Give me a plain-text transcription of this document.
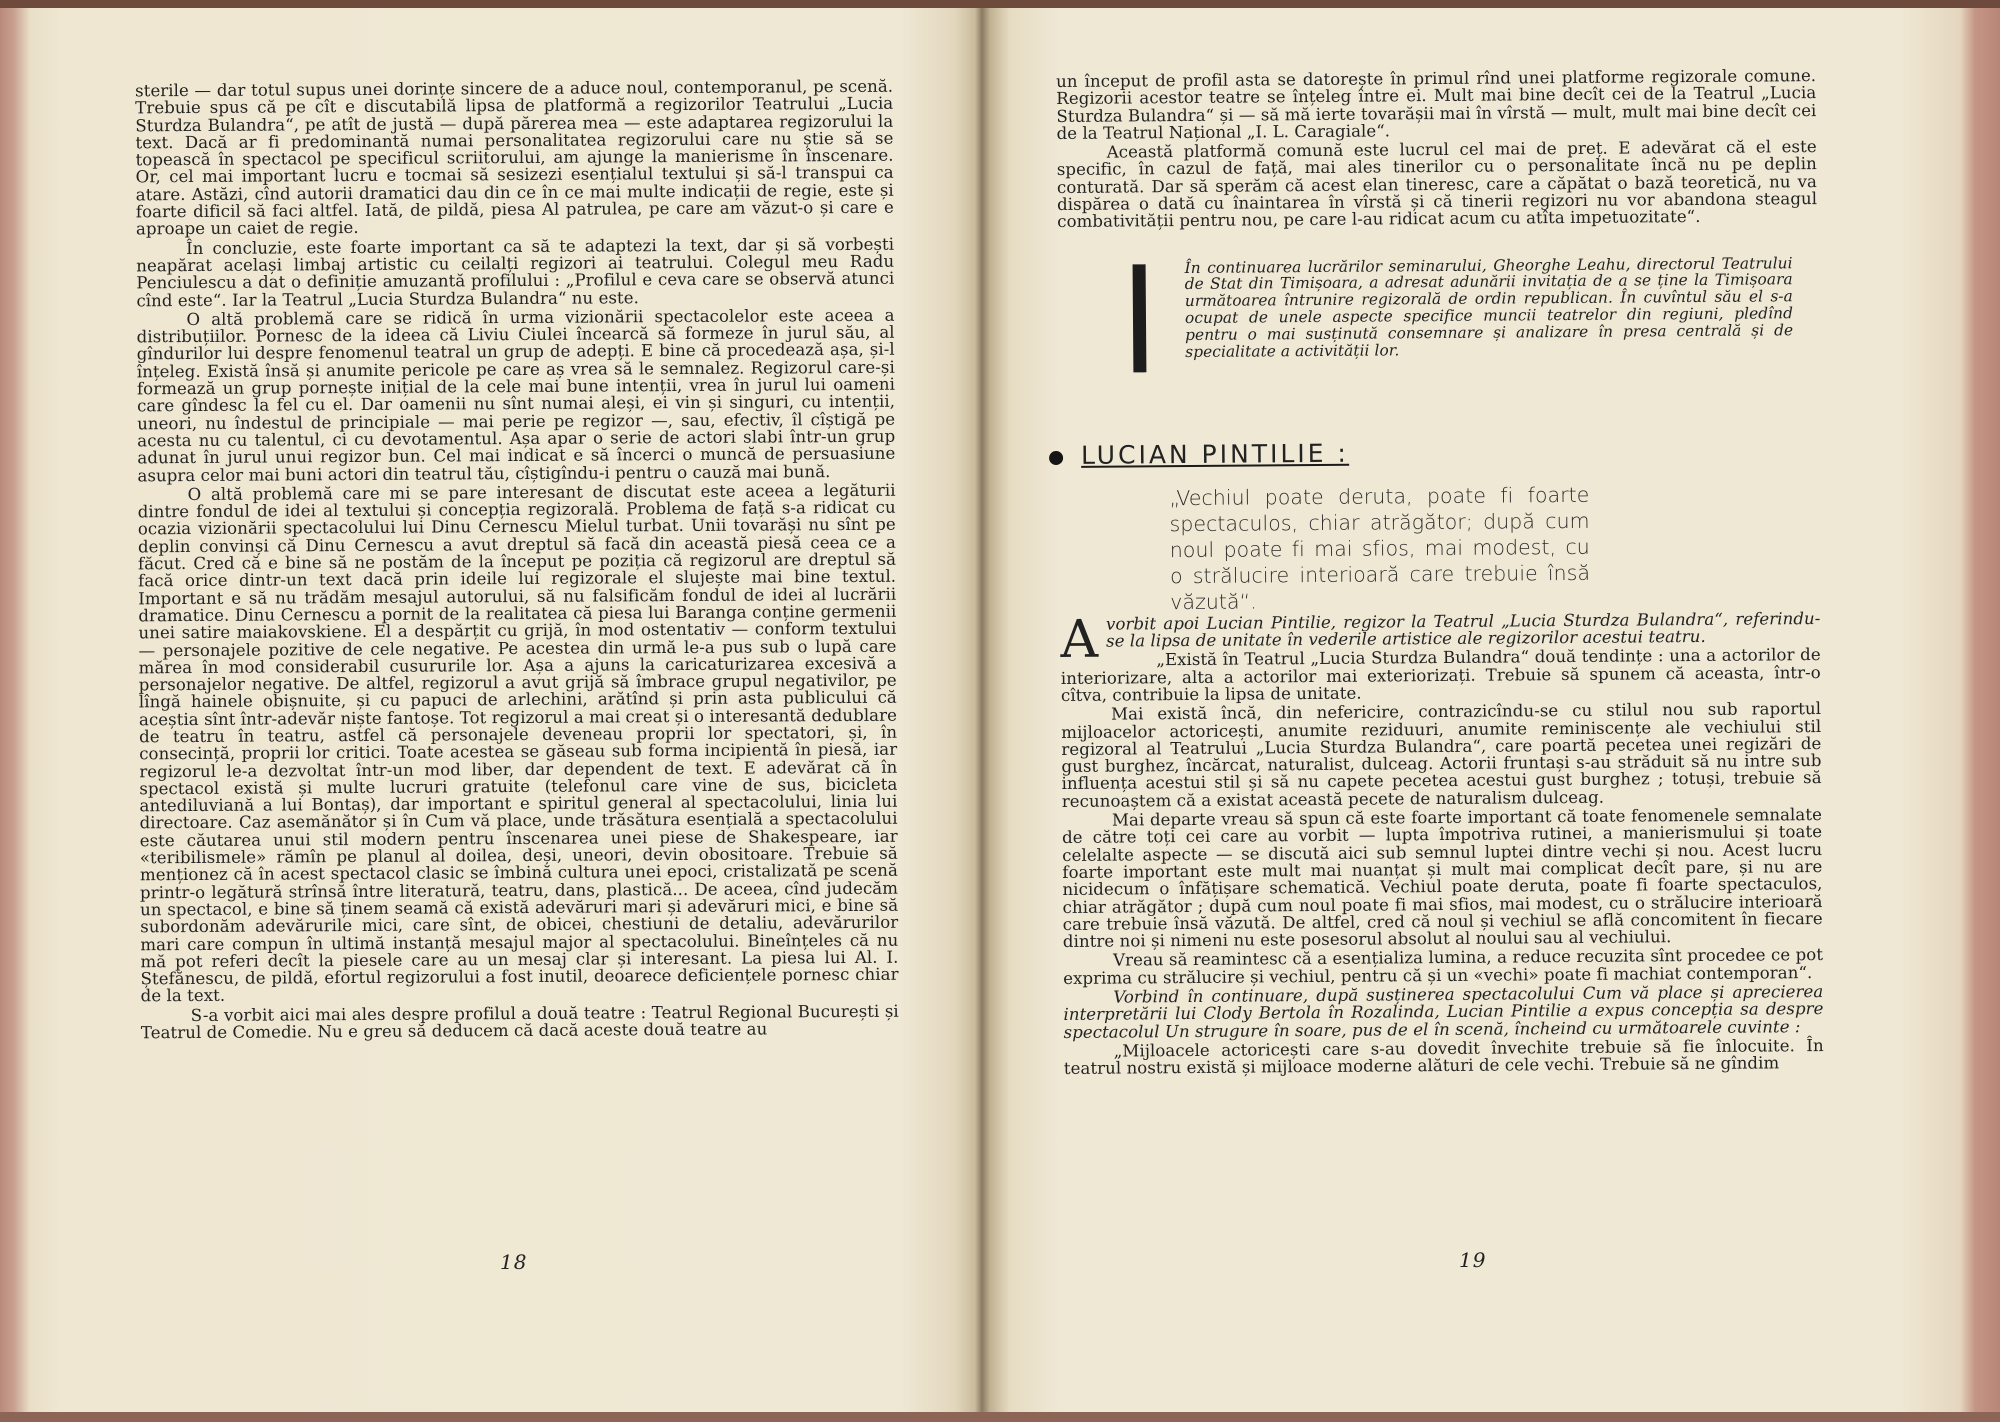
sterile — dar totul supus unei dorințe sincere de a aduce noul, contemporanul, pe scenă. Trebuie spus că pe cît e discutabilă lipsa de platformă a regizorilor Teatrului „Lucia Sturdza Bulandra“, pe atît de justă — după părerea mea — este adaptarea regizorului la text. Dacă ar fi predominantă numai personalitatea regizorului care nu știe să se topească în spectacol pe specificul scriitorului, am ajunge la manierisme în înscenare. Or, cel mai important lucru e tocmai să sesizezi esențialul textului și să-l transpui ca atare. Astăzi, cînd autorii dramatici dau din ce în ce mai multe indicații de regie, este și foarte dificil să faci altfel. Iată, de pildă, piesa Al patrulea, pe care am văzut-o și care e aproape un caiet de regie.

În concluzie, este foarte important ca să te adaptezi la text, dar și să vorbești neapărat același limbaj artistic cu ceilalți regizori ai teatrului. Colegul meu Radu Penciulescu a dat o definiție amuzantă profilului : „Profilul e ceva care se observă atunci cînd este“. Iar la Teatrul „Lucia Sturdza Bulandra“ nu este.

O altă problemă care se ridică în urma vizionării spectacolelor este aceea a distribuțiilor. Pornesc de la ideea că Liviu Ciulei încearcă să formeze în jurul său, al gîndurilor lui despre fenomenul teatral un grup de adepți. E bine că procedează așa, și-l înțeleg. Există însă și anumite pericole pe care aș vrea să le semnalez. Regizorul care-și formează un grup pornește inițial de la cele mai bune intenții, vrea în jurul lui oameni care gîndesc la fel cu el. Dar oamenii nu sînt numai aleși, ei vin și singuri, cu intenții, uneori, nu îndestul de principiale — mai perie pe regizor —, sau, efectiv, îl cîștigă pe acesta nu cu talentul, ci cu devotamentul. Așa apar o serie de actori slabi într-un grup adunat în jurul unui regizor bun. Cel mai indicat e să încerci o muncă de persuasiune asupra celor mai buni actori din teatrul tău, cîștigîndu-i pentru o cauză mai bună.

O altă problemă care mi se pare interesant de discutat este aceea a legăturii dintre fondul de idei al textului și concepția regizorală. Problema de față s-a ridicat cu ocazia vizionării spectacolului lui Dinu Cernescu Mielul turbat. Unii tovarăși nu sînt pe deplin convinși că Dinu Cernescu a avut dreptul să facă din această piesă ceea ce a făcut. Cred că e bine să ne postăm de la început pe poziția că regizorul are dreptul să facă orice dintr-un text dacă prin ideile lui regizorale el slujește mai bine textul. Important e să nu trădăm mesajul autorului, să nu falsificăm fondul de idei al lucrării dramatice. Dinu Cernescu a pornit de la realitatea că piesa lui Baranga conține germenii unei satire maiakovskiene. El a despărțit cu grijă, în mod ostentativ — conform textului — personajele pozitive de cele negative. Pe acestea din urmă le-a pus sub o lupă care mărea în mod considerabil cusururile lor. Așa a ajuns la caricaturizarea excesivă a personajelor negative. De altfel, regizorul a avut grijă să îmbrace grupul negativilor, pe lîngă hainele obișnuite, și cu papuci de arlechini, arătînd și prin asta publicului că aceștia sînt într-adevăr niște fantoșe. Tot regizorul a mai creat și o interesantă dedublare de teatru în teatru, astfel că personajele deveneau proprii lor spectatori, și, în consecință, proprii lor critici. Toate acestea se găseau sub forma incipientă în piesă, iar regizorul le-a dezvoltat într-un mod liber, dar dependent de text. E adevărat că în spectacol există și multe lucruri gratuite (telefonul care vine de sus, bicicleta antediluviană a lui Bontaș), dar important e spiritul general al spectacolului, linia lui directoare. Caz asemănător și în Cum vă place, unde trăsătura esențială a spectacolului este căutarea unui stil modern pentru înscenarea unei piese de Shakespeare, iar «teribilismele» rămîn pe planul al doilea, deși, uneori, devin obositoare. Trebuie să menționez că în acest spectacol clasic se îmbină cultura unei epoci, cristalizată pe scenă printr-o legătură strînsă între literatură, teatru, dans, plastică... De aceea, cînd judecăm un spectacol, e bine să ținem seamă că există adevăruri mari și adevăruri mici, e bine să subordonăm adevărurile mici, care sînt, de obicei, chestiuni de detaliu, adevărurilor mari care compun în ultimă instanță mesajul major al spectacolului. Bineînțeles că nu mă pot referi decît la piesele care au un mesaj clar și interesant. La piesa lui Al. I. Ștefănescu, de pildă, efortul regizorului a fost inutil, deoarece deficiențele pornesc chiar de la text.

S-a vorbit aici mai ales despre profilul a două teatre : Teatrul Regional București și Teatrul de Comedie. Nu e greu să deducem că dacă aceste două teatre au

18

un început de profil asta se datorește în primul rînd unei platforme regizorale comune. Regizorii acestor teatre se înțeleg între ei. Mult mai bine decît cei de la Teatrul „Lucia Sturdza Bulandra“ și — să mă ierte tovarășii mai în vîrstă — mult, mult mai bine decît cei de la Teatrul Național „I. L. Caragiale“.

Această platformă comună este lucrul cel mai de preț. E adevărat că el este specific, în cazul de față, mai ales tinerilor cu o personalitate încă nu pe deplin conturată. Dar să sperăm că acest elan tineresc, care a căpătat o bază teoretică, nu va dispărea o dată cu înaintarea în vîrstă și că tinerii regizori nu vor abandona steagul combativității pentru nou, pe care l-au ridicat acum cu atîta impetuozitate“.

În continuarea lucrărilor seminarului, Gheorghe Leahu, directorul Teatrului de Stat din Timișoara, a adresat adunării invitația de a se ține la Timișoara următoarea întrunire regizorală de ordin republican. În cuvîntul său el s-a ocupat de unele aspecte specifice muncii teatrelor din regiuni, pledînd pentru o mai susținută consemnare și analizare în presa centrală și de specialitate a activității lor.
LUCIAN PINTILIE :
„Vechiul poate deruta, poate fi foarte spectaculos, chiar atrăgător; după cum noul poate fi mai sfios, mai modest, cu o strălucire interioară care trebuie însă văzută“.

Avorbit apoi Lucian Pintilie, regizor la Teatrul „Lucia Sturdza Bulandra“, referindu-se la lipsa de unitate în vederile artistice ale regizorilor acestui teatru.

„Există în Teatrul „Lucia Sturdza Bulandra“ două tendințe : una a actorilor de interiorizare, alta a actorilor mai exteriorizați. Trebuie să spunem că aceasta, într-o cîtva, contribuie la lipsa de unitate.

Mai există încă, din nefericire, contrazicîndu-se cu stilul nou sub raportul mijloacelor actoricești, anumite reziduuri, anumite reminiscențe ale vechiului stil regizoral al Teatrului „Lucia Sturdza Bulandra“, care poartă pecetea unei regizări de gust burghez, încărcat, naturalist, dulceag. Actorii fruntași s-au străduit să nu intre sub influența acestui stil și să nu capete pecetea acestui gust burghez ; totuși, trebuie să recunoaștem că a existat această pecete de naturalism dulceag.

Mai departe vreau să spun că este foarte important că toate fenomenele semnalate de către toți cei care au vorbit — lupta împotriva rutinei, a manierismului și toate celelalte aspecte — se discută aici sub semnul luptei dintre vechi și nou. Acest lucru foarte important este mult mai nuanțat și mult mai complicat decît pare, și nu are nicidecum o înfățișare schematică. Vechiul poate deruta, poate fi foarte spectaculos, chiar atrăgător ; după cum noul poate fi mai sfios, mai modest, cu o strălucire interioară care trebuie însă văzută. De altfel, cred că noul și vechiul se află concomitent în fiecare dintre noi și nimeni nu este posesorul absolut al noului sau al vechiului.

Vreau să reamintesc că a esențializa lumina, a reduce recuzita sînt procedee ce pot exprima cu strălucire și vechiul, pentru că și un «vechi» poate fi machiat contemporan“.

Vorbind în continuare, după susținerea spectacolului Cum vă place și aprecierea interpretării lui Clody Bertola în Rozalinda, Lucian Pintilie a expus concepția sa despre spectacolul Un strugure în soare, pus de el în scenă, încheind cu următoarele cuvinte :

„Mijloacele actoricești care s-au dovedit învechite trebuie să fie înlocuite. În teatrul nostru există și mijloace moderne alături de cele vechi. Trebuie să ne gîndim

19
